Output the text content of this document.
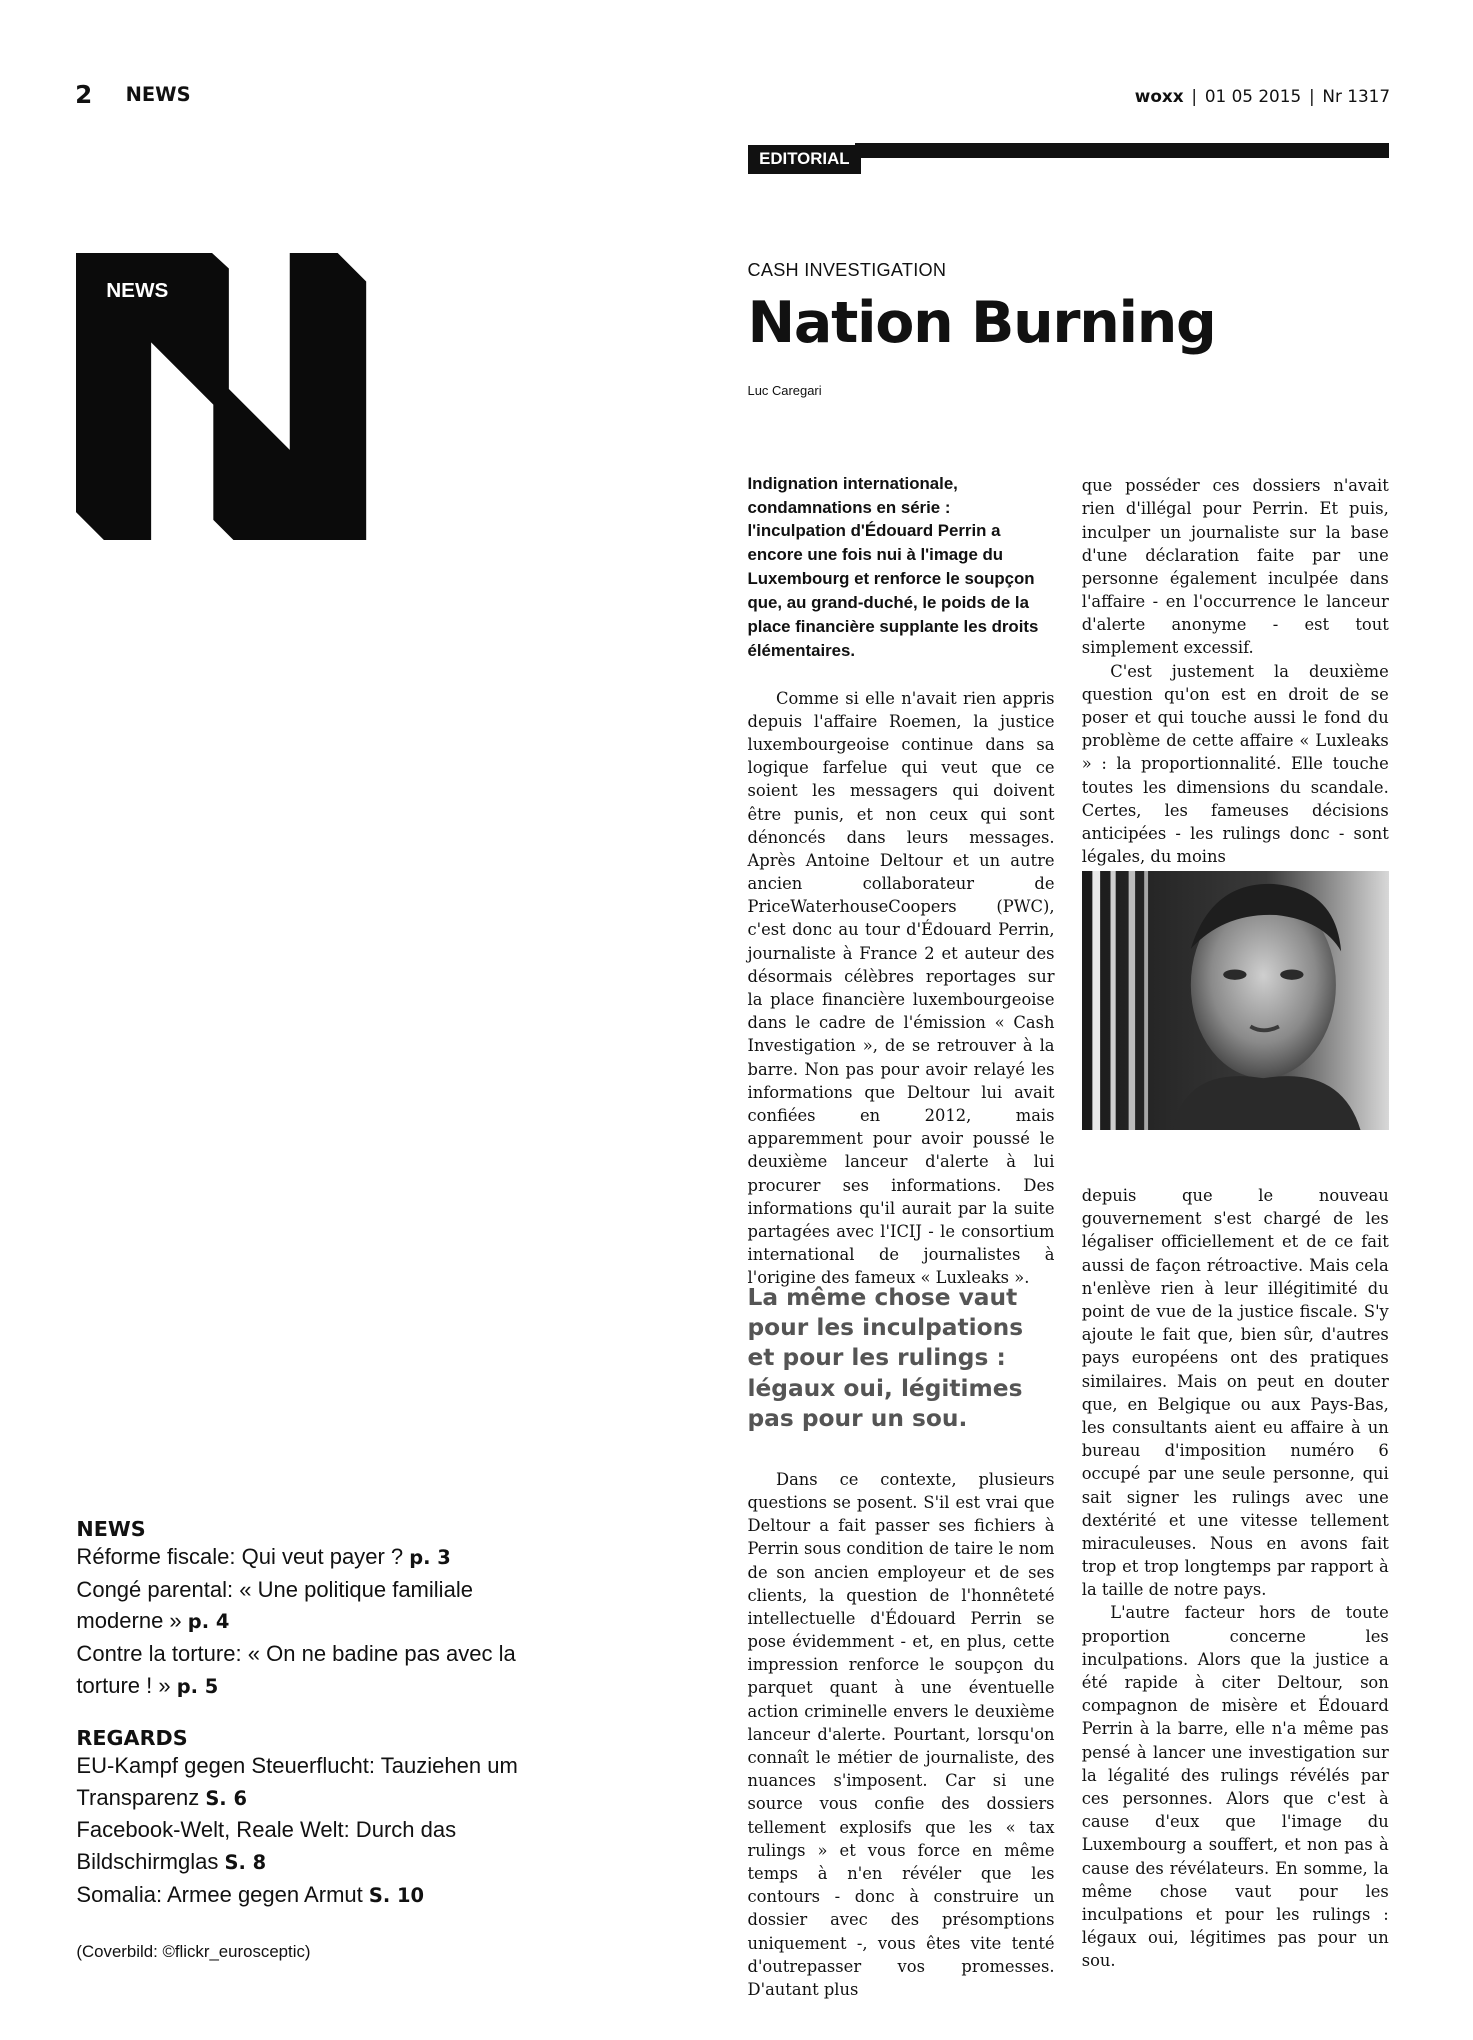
2 NEWS	woxx | 01 05 2015 | Nr 1317
EDITORIAL
NEWS
CASH INVESTIGATION
Nation Burning
Luc Caregari
Indignation internationale, condamnations en série : l'inculpation d'Édouard Perrin a encore une fois nui à l'image du Luxembourg et renforce le soupçon que, au grand-duché, le poids de la place financière supplante les droits élémentaires.

Comme si elle n'avait rien appris depuis l'affaire Roemen, la justice luxembourgeoise continue dans sa logique farfelue qui veut que ce soient les messagers qui doivent être punis, et non ceux qui sont dénoncés dans leurs messages. Après Antoine Deltour et un autre ancien collaborateur de PriceWaterhouseCoopers (PWC), c'est donc au tour d'Édouard Perrin, journaliste à France 2 et auteur des désormais célèbres reportages sur la place financière luxembourgeoise dans le cadre de l'émission « Cash Investigation », de se retrouver à la barre. Non pas pour avoir relayé les informations que Deltour lui avait confiées en 2012, mais apparemment pour avoir poussé le deuxième lanceur d'alerte à lui procurer ses informations. Des informations qu'il aurait par la suite partagées avec l'ICIJ - le consortium international de journalistes à l'origine des fameux « Luxleaks ».

La même chose vaut pour les inculpations et pour les rulings : légaux oui, légitimes pas pour un sou.

Dans ce contexte, plusieurs questions se posent. S'il est vrai que Deltour a fait passer ses fichiers à Perrin sous condition de taire le nom de son ancien employeur et de ses clients, la question de l'honnêteté intellectuelle d'Édouard Perrin se pose évidemment - et, en plus, cette impression renforce le soupçon du parquet quant à une éventuelle action criminelle envers le deuxième lanceur d'alerte. Pourtant, lorsqu'on connaît le métier de journaliste, des nuances s'imposent. Car si une source vous confie des dossiers tellement explosifs que les « tax rulings » et vous force en même temps à n'en révéler que les contours - donc à construire un dossier avec des présomptions uniquement -, vous êtes vite tenté d'outrepasser vos promesses. D'autant plus

que posséder ces dossiers n'avait rien d'illégal pour Perrin. Et puis, inculper un journaliste sur la base d'une déclaration faite par une personne également inculpée dans l'affaire - en l'occurrence le lanceur d'alerte anonyme - est tout simplement excessif.

C'est justement la deuxième question qu'on est en droit de se poser et qui touche aussi le fond du problème de cette affaire « Luxleaks » : la proportionnalité. Elle touche toutes les dimensions du scandale. Certes, les fameuses décisions anticipées - les rulings donc - sont légales, du moins

depuis que le nouveau gouvernement s'est chargé de les légaliser officiellement et de ce fait aussi de façon rétroactive. Mais cela n'enlève rien à leur illégitimité du point de vue de la justice fiscale. S'y ajoute le fait que, bien sûr, d'autres pays européens ont des pratiques similaires. Mais on peut en douter que, en Belgique ou aux Pays-Bas, les consultants aient eu affaire à un bureau d'imposition numéro 6 occupé par une seule personne, qui sait signer les rulings avec une dextérité et une vitesse tellement miraculeuses. Nous en avons fait trop et trop longtemps par rapport à la taille de notre pays.

L'autre facteur hors de toute proportion concerne les inculpations. Alors que la justice a été rapide à citer Deltour, son compagnon de misère et Édouard Perrin à la barre, elle n'a même pas pensé à lancer une investigation sur la légalité des rulings révélés par ces personnes. Alors que c'est à cause d'eux que l'image du Luxembourg a souffert, et non pas à cause des révélateurs. En somme, la même chose vaut pour les inculpations et pour les rulings : légaux oui, légitimes pas pour un sou.

NEWS
Réforme fiscale: Qui veut payer ? p. 3
Congé parental: « Une politique familiale moderne » p. 4
Contre la torture: « On ne badine pas avec la torture ! » p. 5
REGARDS
EU-Kampf gegen Steuerflucht: Tauziehen um Transparenz S. 6
Facebook-Welt, Reale Welt: Durch das Bildschirmglas S. 8
Somalia: Armee gegen Armut S. 10
(Coverbild: ©flickr_eurosceptic)
